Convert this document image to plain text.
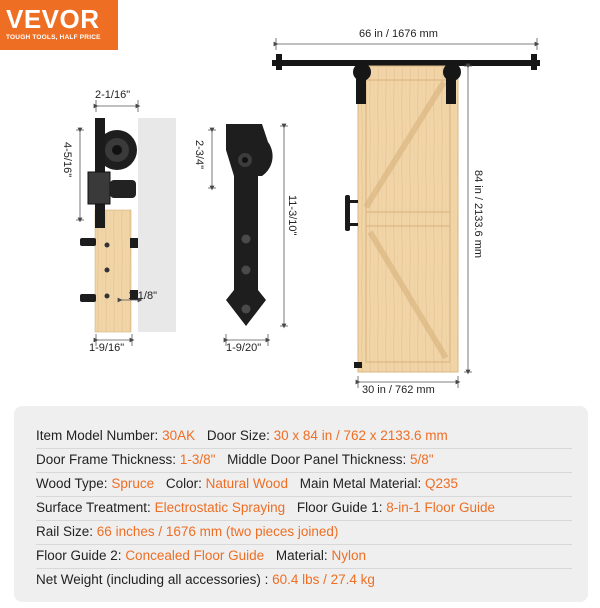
VEVOR
TOUGH TOOLS, HALF PRICE
2-1/16"
4-5/16"
1-1/8"
1-9/16"
2-3/4"
11-3/10"
1-9/20"
66 in / 1676 mm
84 in / 2133.6 mm
30 in / 762 mm
Item Model Number: 30AK Door Size: 30 x 84 in / 762 x 2133.6 mm
Door Frame Thickness: 1-3/8" Middle Door Panel Thickness: 5/8"
Wood Type: Spruce Color: Natural Wood Main Metal Material: Q235
Surface Treatment: Electrostatic Spraying Floor Guide 1: 8-in-1 Floor Guide
Rail Size: 66 inches / 1676 mm (two pieces joined)
Floor Guide 2: Concealed Floor Guide Material: Nylon
Net Weight (including all accessories) : 60.4 lbs / 27.4 kg
